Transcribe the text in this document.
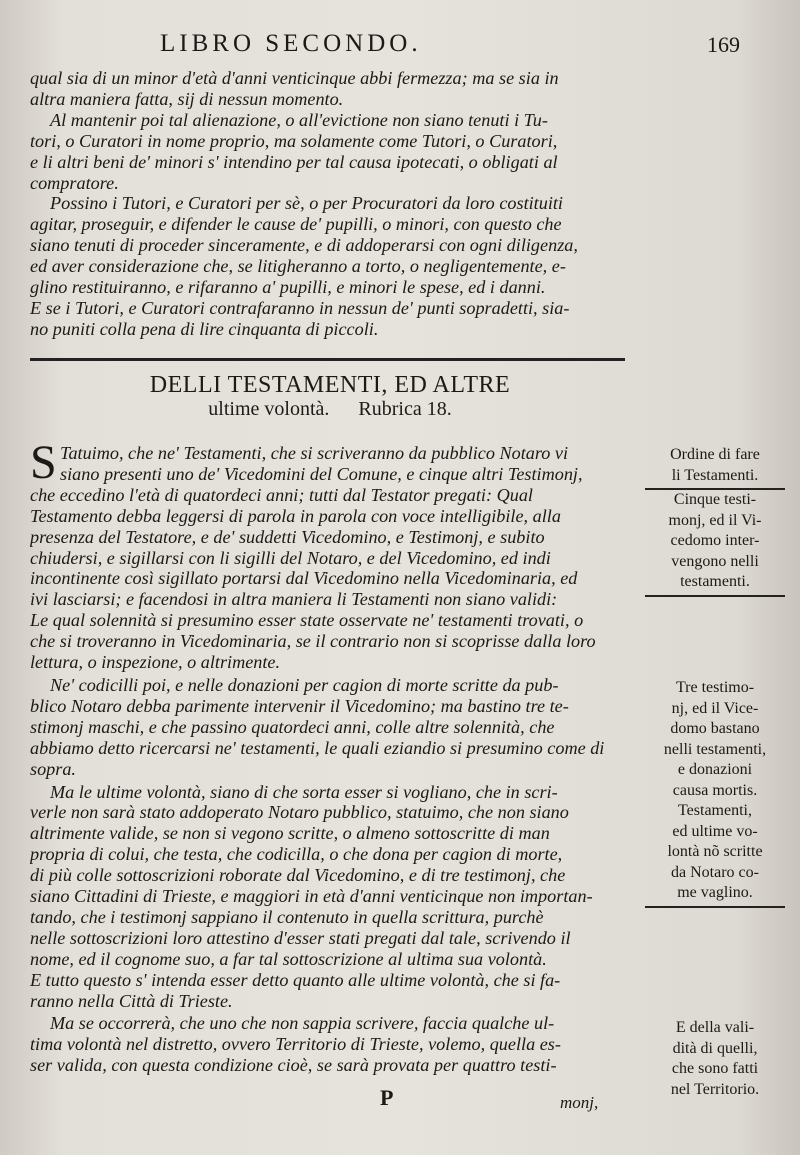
LIBRO SECONDO.	169

qual sia di un minor d'età d'anni venticinque abbi fermezza; ma se sia in
altra maniera fatta, sij di nessun momento.

Al mantenir poi tal alienazione, o all'evictione non siano tenuti i Tu-
tori, o Curatori in nome proprio, ma solamente come Tutori, o Curatori,
e li altri beni de' minori s' intendino per tal causa ipotecati, o obligati al
compratore.

Possino i Tutori, e Curatori per sè, o per Procuratori da loro costituiti
agitar, proseguir, e difender le cause de' pupilli, o minori, con questo che
siano tenuti di proceder sinceramente, e di addoperarsi con ogni diligenza,
ed aver considerazione che, se litigheranno a torto, o negligentemente, e-
glino restituiranno, e rifaranno a' pupilli, e minori le spese, ed i danni.
E se i Tutori, e Curatori contrafaranno in nessun de' punti sopradetti, sia-
no puniti colla pena di lire cinquanta di piccoli.

DELLI TESTAMENTI, ED ALTRE
ultime volontà. Rubrica 18.
S Tatuimo, che ne' Testamenti, che si scriveranno da pubblico Notaro vi
siano presenti uno de' Vicedomini del Comune, e cinque altri Testimonj,
che eccedino l'età di quatordeci anni; tutti dal Testator pregati: Qual
Testamento debba leggersi di parola in parola con voce intelligibile, alla
presenza del Testatore, e de' suddetti Vicedomino, e Testimonj, e subito
chiudersi, e sigillarsi con li sigilli del Notaro, e del Vicedomino, ed indi
incontinente così sigillato portarsi dal Vicedomino nella Vicedominaria, ed
ivi lasciarsi; e facendosi in altra maniera li Testamenti non siano validi:
Le qual solennità si presumino esser state osservate ne' testamenti trovati, o
che si troveranno in Vicedominaria, se il contrario non si scoprisse dalla loro
lettura, o inspezione, o altrimente.

Ne' codicilli poi, e nelle donazioni per cagion di morte scritte da pub-
blico Notaro debba parimente intervenir il Vicedomino; ma bastino tre te-
stimonj maschi, e che passino quatordeci anni, colle altre solennità, che
abbiamo detto ricercarsi ne' testamenti, le quali eziandio si presumino come di
sopra.

Ma le ultime volontà, siano di che sorta esser si vogliano, che in scri-
verle non sarà stato addoperato Notaro pubblico, statuimo, che non siano
altrimente valide, se non si vegono scritte, o almeno sottoscritte di man
propria di colui, che testa, che codicilla, o che dona per cagion di morte,
di più colle sottoscrizioni roborate dal Vicedomino, e di tre testimonj, che
siano Cittadini di Trieste, e maggiori in età d'anni venticinque non importan-
tando, che i testimonj sappiano il contenuto in quella scrittura, purchè
nelle sottoscrizioni loro attestino d'esser stati pregati dal tale, scrivendo il
nome, ed il cognome suo, a far tal sottoscrizione al ultima sua volontà.
E tutto questo s' intenda esser detto quanto alle ultime volontà, che si fa-
ranno nella Città di Trieste.

Ma se occorrerà, che uno che non sappia scrivere, faccia qualche ul-
tima volontà nel distretto, ovvero Territorio di Trieste, volemo, quella es-
ser valida, con questa condizione cioè, se sarà provata per quattro testi-

Ordine di fare
li Testamenti.
Cinque testi-
monj, ed il Vi-
cedomo inter-
vengono nelli
testamenti.
Tre testimo-
nj, ed il Vice-
domo bastano
nelli testamenti,
e donazioni
causa mortis.
Testamenti,
ed ultime vo-
lontà nõ scritte
da Notaro co-
me vaglino.
E della vali-
dità di quelli,
che sono fatti
nel Territorio.
P	monj,
